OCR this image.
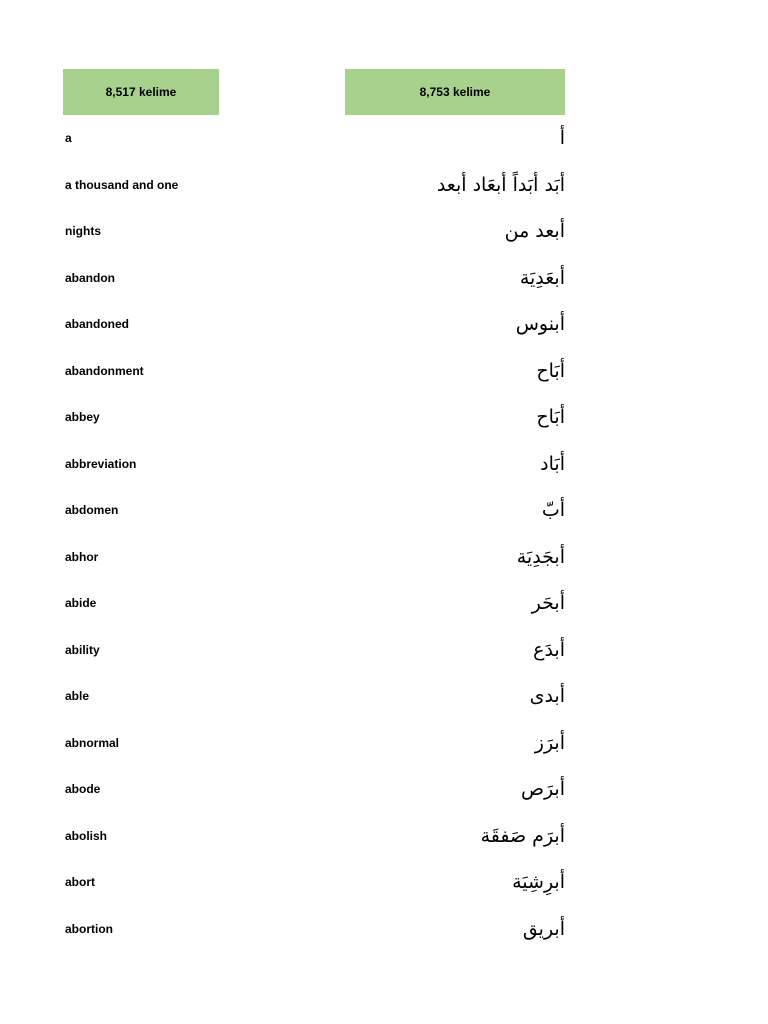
8,517 kelime	8,753 kelime
a	أ
a thousand and one	أبَد أبَداً أبعَاد أبعد
nights	أبعد من
abandon	أبعَدِيَة
abandoned	أبنوس
abandonment	أبَاح
abbey	أبَاح
abbreviation	أبَاد
abdomen	أبّ
abhor	أبجَدِيَة
abide	أبحَر
ability	أبدَع
able	أبدى
abnormal	أبرَز
abode	أبرَص
abolish	أبرَم صَفقَة
abort	أبرِشِيَة
abortion	أبريق
